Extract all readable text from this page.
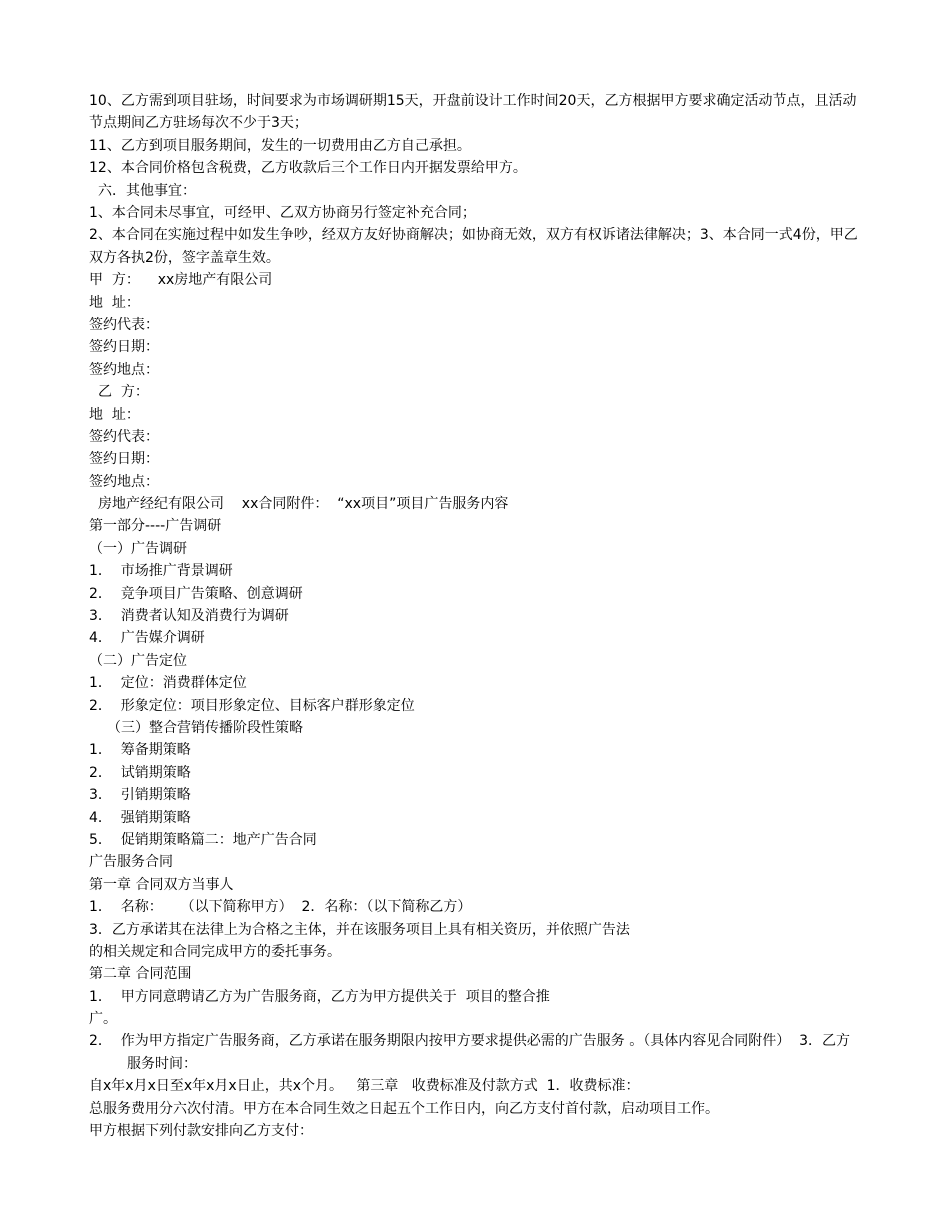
10、乙方需到项目驻场，时间要求为市场调研期15天，开盘前设计工作时间20天，乙方根据甲方要求确定活动节点，且活动节点期间乙方驻场每次不少于3天；
11、乙方到项目服务期间，发生的一切费用由乙方自己承担。
12、本合同价格包含税费，乙方收款后三个工作日内开据发票给甲方。
六．其他事宜：
1、本合同未尽事宜，可经甲、乙双方协商另行签定补充合同；
2、本合同在实施过程中如发生争吵，经双方友好协商解决；如协商无效，双方有权诉诸法律解决；3、本合同一式4份，甲乙双方各执2份，签字盖章生效。
甲  方：    xx房地产有限公司
地  址：
签约代表：
签约日期：
签约地点：
乙  方：
地  址：
签约代表：
签约日期：
签约地点：
房地产经纪有限公司    xx合同附件：  “xx项目”项目广告服务内容
第一部分----广告调研
（一）广告调研
1．  市场推广背景调研
2．  竞争项目广告策略、创意调研
3．  消费者认知及消费行为调研
4．  广告媒介调研
（二）广告定位
1．  定位：消费群体定位
2．  形象定位：项目形象定位、目标客户群形象定位
（三）整合营销传播阶段性策略
1．  筹备期策略
2．  试销期策略
3．  引销期策略
4．  强销期策略
5．  促销期策略篇二：地产广告合同
广告服务合同
第一章 合同双方当事人
1．  名称：    （以下简称甲方）  2．名称：（以下简称乙方）
3．乙方承诺其在法律上为合格之主体，并在该服务项目上具有相关资历，并依照广告法
的相关规定和合同完成甲方的委托事务。
第二章 合同范围
1．  甲方同意聘请乙方为广告服务商，乙方为甲方提供关于  项目的整合推
广。
2．  作为甲方指定广告服务商，乙方承诺在服务期限内按甲方要求提供必需的广告服务 。（具体内容见合同附件）  3．乙方服务时间：
自x年x月x日至x年x月x日止，共x个月。   第三章   收费标准及付款方式  1．收费标准：
总服务费用分六次付清。甲方在本合同生效之日起五个工作日内，向乙方支付首付款，启动项目工作。
甲方根据下列付款安排向乙方支付：
